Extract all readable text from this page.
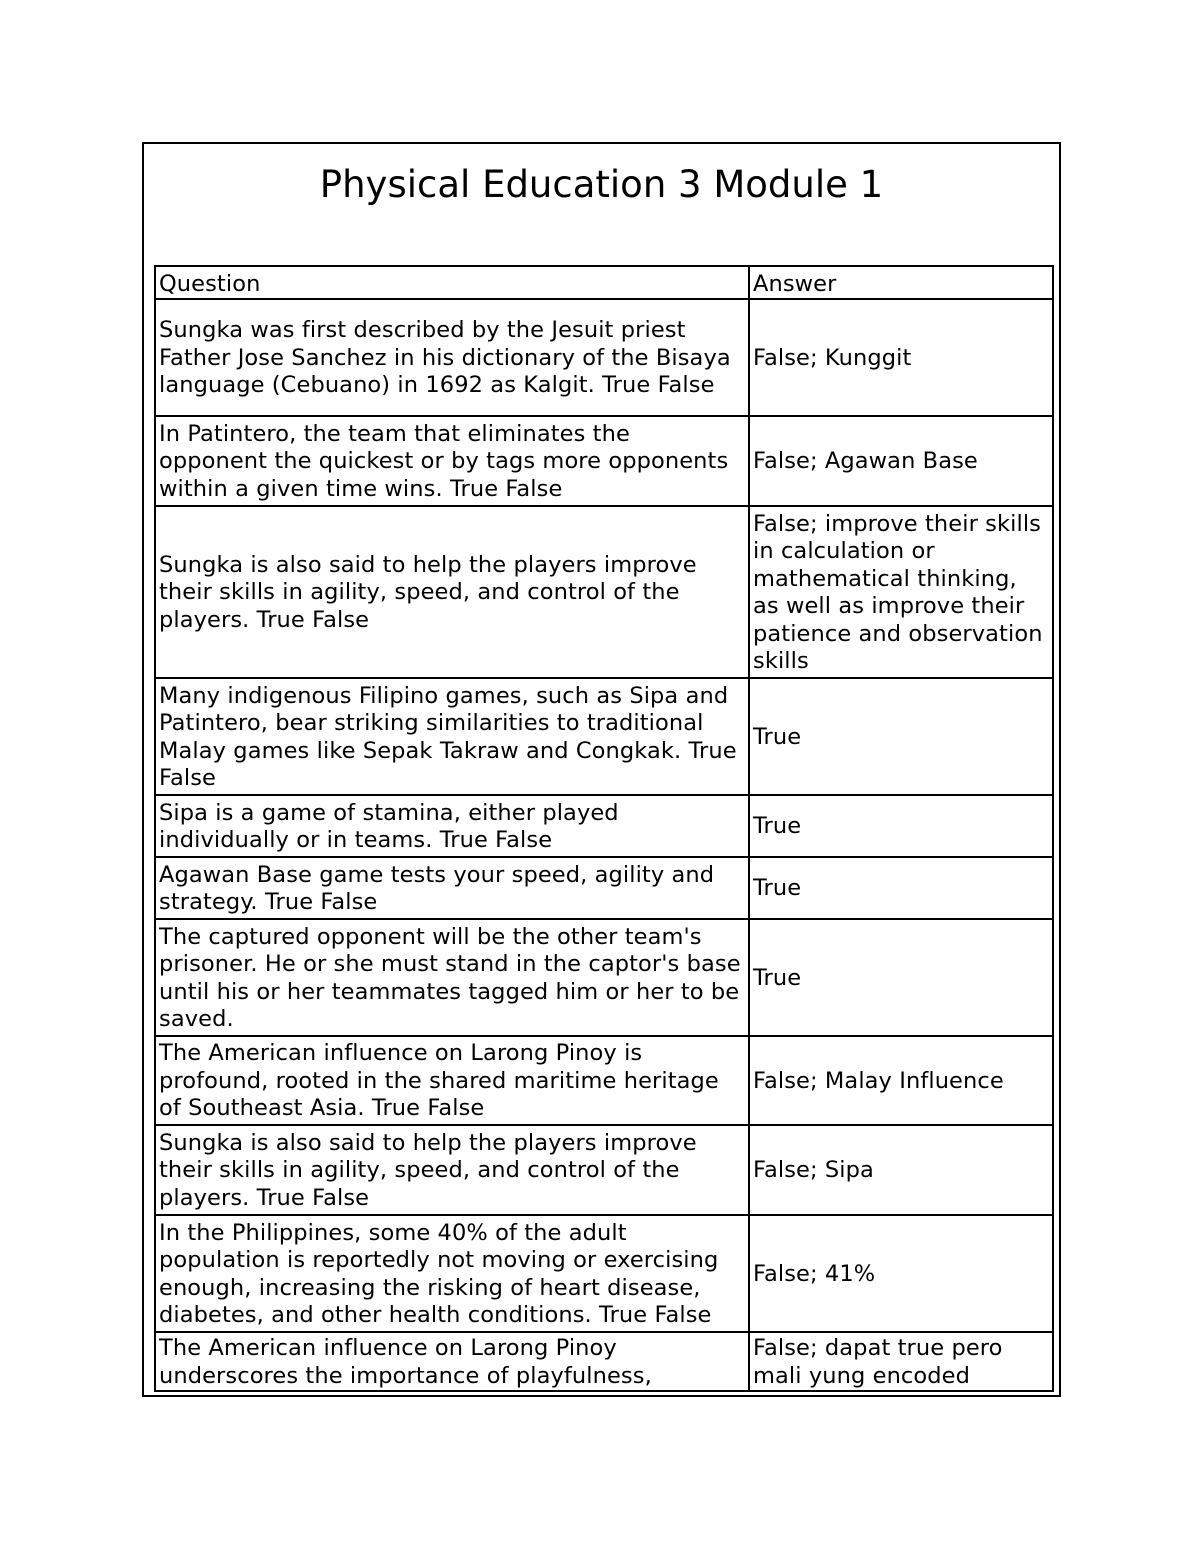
Physical Education 3 Module 1
Question	Answer
Sungka was first described by the Jesuit priest Father Jose Sanchez in his dictionary of the Bisaya language (Cebuano) in 1692 as Kalgit. True False	False; Kunggit
In Patintero, the team that eliminates the opponent the quickest or by tags more opponents within a given time wins. True False	False; Agawan Base
Sungka is also said to help the players improve their skills in agility, speed, and control of the players. True False	False; improve their skills in calculation or mathematical thinking, as well as improve their patience and observation skills
Many indigenous Filipino games, such as Sipa and Patintero, bear striking similarities to traditional Malay games like Sepak Takraw and Congkak. True False	True
Sipa is a game of stamina, either played individually or in teams. True False	True
Agawan Base game tests your speed, agility and strategy. True False	True
The captured opponent will be the other team's prisoner. He or she must stand in the captor's base until his or her teammates tagged him or her to be saved.	True
The American influence on Larong Pinoy is profound, rooted in the shared maritime heritage of Southeast Asia. True False	False; Malay Influence
Sungka is also said to help the players improve their skills in agility, speed, and control of the players. True False	False; Sipa
In the Philippines, some 40% of the adult population is reportedly not moving or exercising enough, increasing the risking of heart disease, diabetes, and other health conditions. True False	False; 41%
The American influence on Larong Pinoy underscores the importance of playfulness,	False; dapat true pero mali yung encoded
